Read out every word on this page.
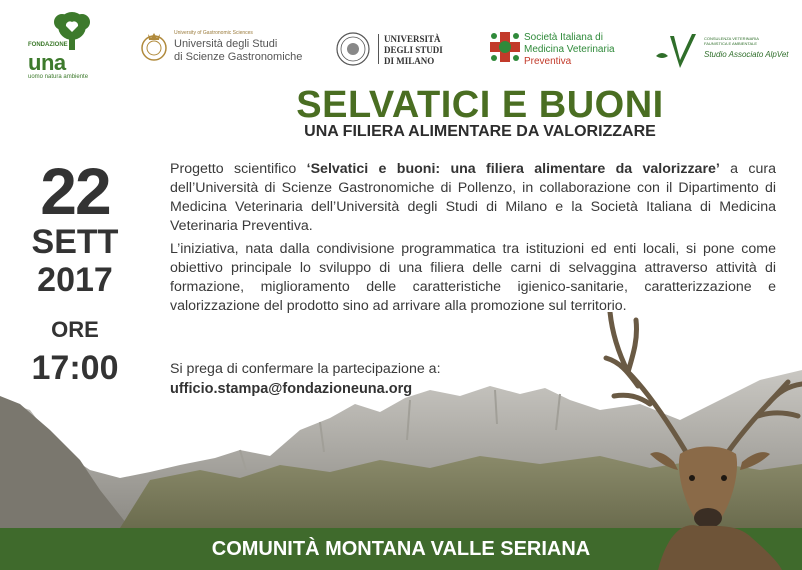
FONDAZIONE
una
uomo natura ambiente
University of Gastronomic Sciences
Università degli Studi
di Scienze Gastronomiche
UNIVERSITÀ
DEGLI STUDI
DI MILANO
Società Italiana di
Medicina Veterinaria
Preventiva
CONSULENZA VETERINARIA
FAUNISTICA E AMBIENTALE
Studio Associato AlpVet
SELVATICI E BUONI
UNA FILIERA ALIMENTARE DA VALORIZZARE
22
SETT
2017
ORE
17:00

Progetto scientifico ‘Selvatici e buoni: una filiera alimentare da valorizzare’ a cura dell’Università di Scienze Gastronomiche di Pollenzo, in collaborazione con il Dipartimento di Medicina Veterinaria dell’Università degli Studi di Milano e la Società Italiana di Medicina Veterinaria Preventiva.

L’iniziativa, nata dalla condivisione programmatica tra istituzioni ed enti locali, si pone come obiettivo principale lo sviluppo di una filiera delle carni di selvaggina attraverso attività di formazione, miglioramento delle caratteristiche igienico-sanitarie, caratterizzazione e valorizzazione del prodotto sino ad arrivare alla promozione sul territorio.

Si prega di confermare la partecipazione a:
ufficio.stampa@fondazioneuna.org
COMUNITÀ MONTANA VALLE SERIANA
